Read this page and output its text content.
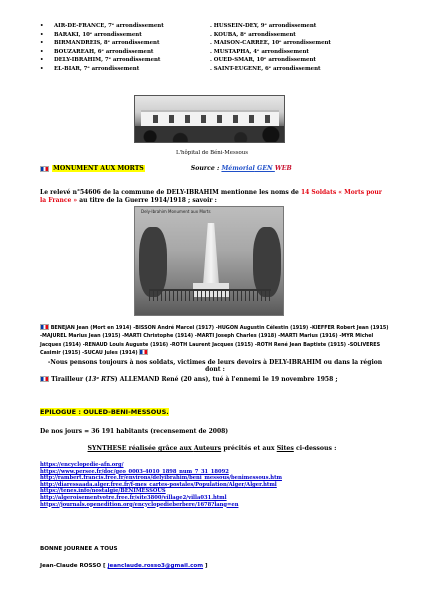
•	AIR-DE-FRANCE, 7ᵉ arrondissement	. HUSSEIN-DEY, 9ᵉ arrondissement
•	BARAKI, 10ᵉ arrondissement	. KOUBA, 8ᵉ arrondissement
•	BIRMANDREIS, 8ᵉ arrondissement	. MAISON-CARREE, 10ᵉ arrondissement
•	BOUZAREAH, 6ᵉ arrondissement	. MUSTAPHA, 4ᵉ arrondissement
•	DELY-IBRAHIM, 7ᵉ arrondissement	. OUED-SMAR, 10ᵉ arrondissement
•	EL-BIAR, 7ᵉ arrondissement	. SAINT-EUGENE, 6ᵉ arrondissement
L'hôpital de Béni-Messous
MONUMENT AUX MORTS	Source : Mémorial GEN WEB
Le relevé n°54606 de la commune de DELY-IBRAHIM mentionne les noms de 14 Soldats « Morts pour la France » au titre de la Guerre 1914/1918 ; savoir :
Dely-Ibrahim Monument aux Morts
BENEJAN Jean (Mort en 1914) -BISSON André Marcel (1917) -HUGON Augustin Célestin (1919) -KIEFFER Robert Jean (1915) -MAJUREL Marius Jean (1915) -MARTI Christophe (1914) -MARTI Joseph Charles (1918) -MARTI Marius (1916) -MYR Michel Jacques (1914) -RENAUD Louis Auguste (1916) -ROTH Laurent Jacques (1915) -ROTH René Jean Baptiste (1915) -SOLIVERES Casimir (1915) -SUCAU Jules (1914)
-Nous pensons toujours à nos soldats, victimes de leurs devoirs à DELY-IBRAHIM ou dans la région dont :
Tirailleur (13ᵉ RTS) ALLEMAND René (20 ans), tué à l'ennemi le 19 novembre 1958 ;
EPILOGUE : OULED-BENI-MESSOUS.
De nos jours = 36 191 habitants (recensement de 2008)
SYNTHESE réalisée grâce aux Auteurs précités et aux Sites ci-dessous :
https://encyclopedie-afn.org/
https://www.persee.fr/doc/geo_0003-4010_1898_num_7_31_18092
http://rambert.francis.free.fr/environs/delyibrahim/beni_messous/benimessous.htm
http://diaressaada.alger.free.fr/f-mes_cartes-postales/Population/Alger/Alger.html
https://tenes.info/nostalgie/BENIMESSOUS
http://algeroisementvotre.free.fr/site3800/village2/villa031.html
https://journals.openedition.org/encyclopedieberbere/1678?lang=en
BONNE JOURNEE A TOUS
Jean-Claude ROSSO [ jeanclaude.rosso3@gmail.com ]
